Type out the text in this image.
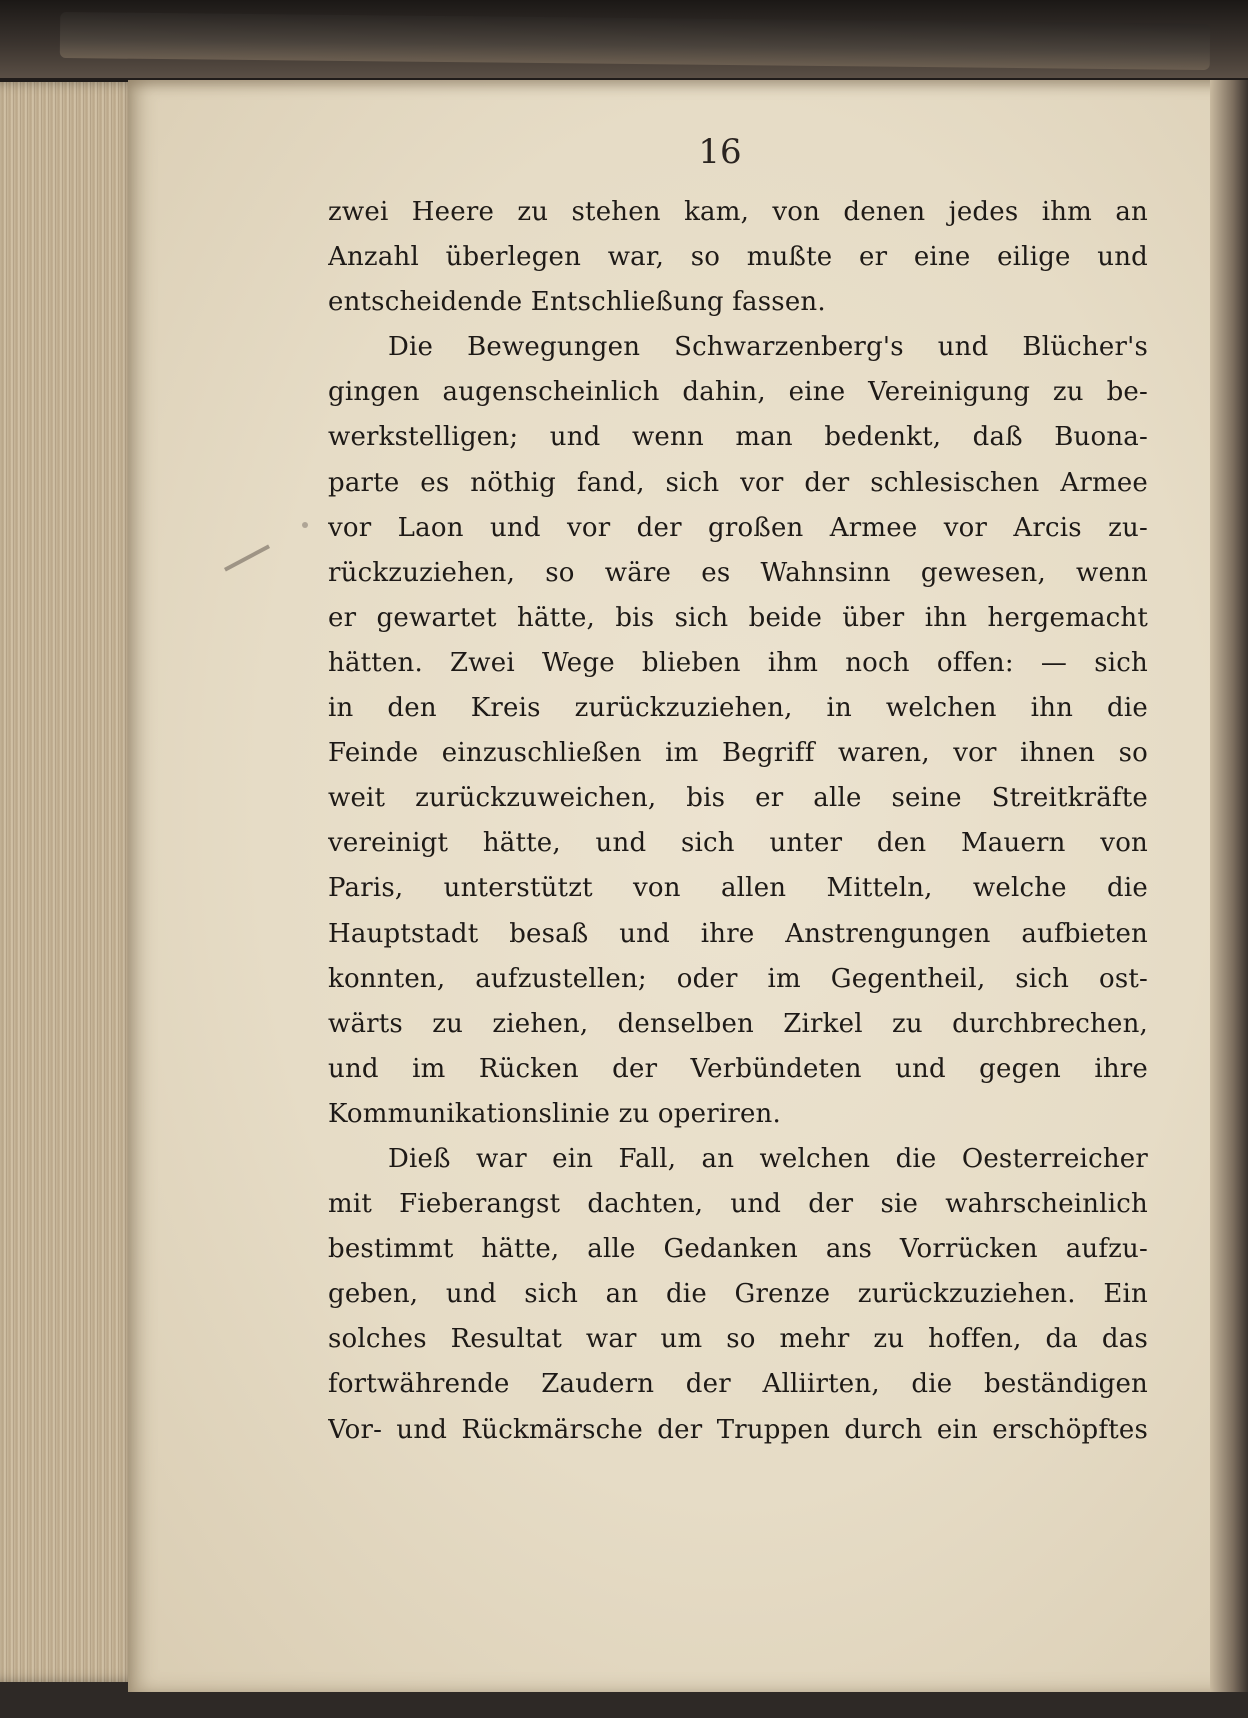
16
zwei Heere zu stehen kam, von denen jedes ihm an
Anzahl überlegen war, so mußte er eine eilige und
entscheidende Entschließung fassen.
Die Bewegungen Schwarzenberg's und Blücher's
gingen augenscheinlich dahin, eine Vereinigung zu be-
werkstelligen; und wenn man bedenkt, daß Buona-
parte es nöthig fand, sich vor der schlesischen Armee
vor Laon und vor der großen Armee vor Arcis zu-
rückzuziehen, so wäre es Wahnsinn gewesen, wenn
er gewartet hätte, bis sich beide über ihn hergemacht
hätten. Zwei Wege blieben ihm noch offen: — sich
in den Kreis zurückzuziehen, in welchen ihn die
Feinde einzuschließen im Begriff waren, vor ihnen so
weit zurückzuweichen, bis er alle seine Streitkräfte
vereinigt hätte, und sich unter den Mauern von
Paris, unterstützt von allen Mitteln, welche die
Hauptstadt besaß und ihre Anstrengungen aufbieten
konnten, aufzustellen; oder im Gegentheil, sich ost-
wärts zu ziehen, denselben Zirkel zu durchbrechen,
und im Rücken der Verbündeten und gegen ihre
Kommunikationslinie zu operiren.
Dieß war ein Fall, an welchen die Oesterreicher
mit Fieberangst dachten, und der sie wahrscheinlich
bestimmt hätte, alle Gedanken ans Vorrücken aufzu-
geben, und sich an die Grenze zurückzuziehen. Ein
solches Resultat war um so mehr zu hoffen, da das
fortwährende Zaudern der Alliirten, die beständigen
Vor- und Rückmärsche der Truppen durch ein erschöpftes
